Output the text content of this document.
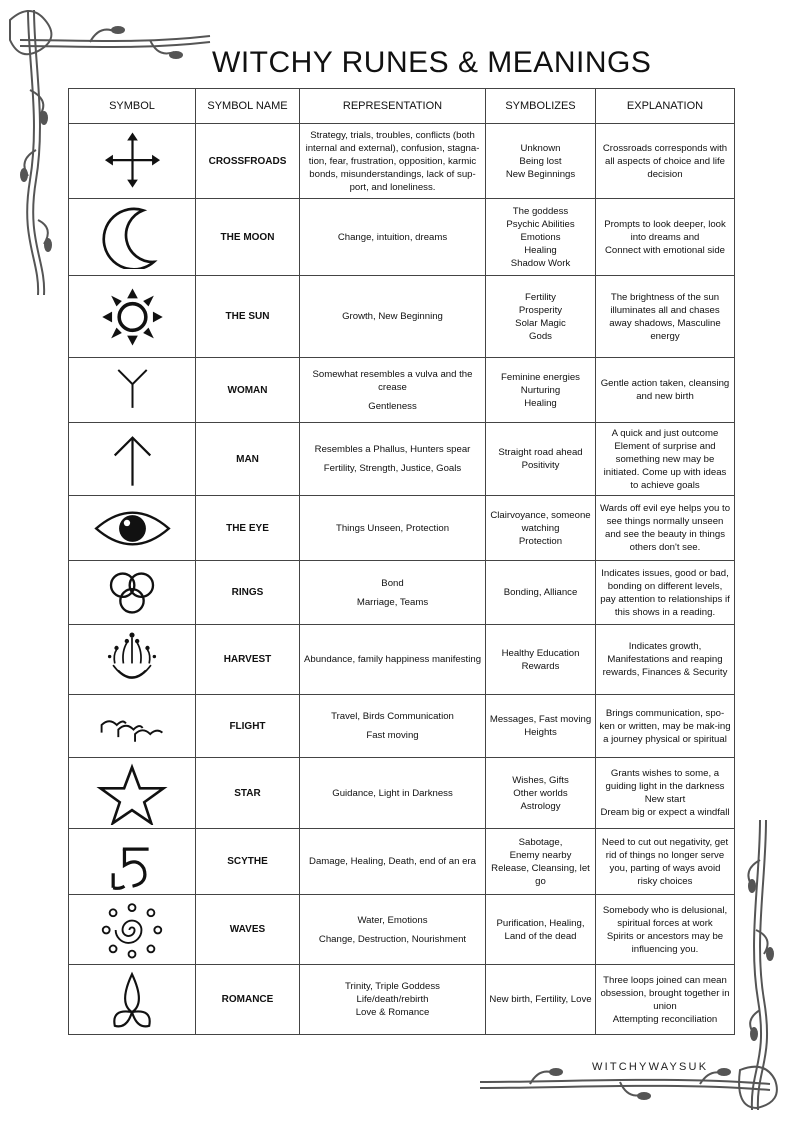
WITCHY RUNES & MEANINGS
SYMBOL	SYMBOL NAME	REPRESENTATION	SYMBOLIZES	EXPLANATION

	CROSSFROADS	Strategy, trials, troubles, conflicts (both internal and external), confusion, stagna-tion, fear, frustration, opposition, karmic bonds, misunderstandings, lack of sup-port, and loneliness.	Unknown
Being lost
New Beginnings	Crossroads corresponds with all aspects of choice and life decision

	THE MOON	Change, intuition, dreams	The goddess
Psychic Abilities
Emotions
Healing
Shadow Work	Prompts to look deeper, look into dreams and
Connect with emotional side

	THE SUN	Growth, New Beginning	Fertility
Prosperity
Solar Magic
Gods	The brightness of the sun illuminates all and chases away shadows, Masculine energy

	WOMAN	Somewhat resembles a vulva and the crease
Gentleness	Feminine energies
Nurturing
Healing	Gentle action taken, cleansing and new birth

	MAN	Resembles a Phallus, Hunters spear
Fertility, Strength, Justice, Goals	Straight road ahead
Positivity	A quick and just outcome
Element of surprise and
something new may be initiated. Come up with ideas to achieve goals

	THE EYE	Things Unseen, Protection	Clairvoyance, someone watching
Protection	Wards off evil eye helps you to see things normally unseen and see the beauty in things others don't see.

	RINGS	Bond
Marriage, Teams	Bonding, Alliance	Indicates issues, good or bad, bonding on different levels, pay attention to relationships if this shows in a reading.

	HARVEST	Abundance, family happiness manifesting	Healthy Education
Rewards	Indicates growth, Manifestations and reaping rewards, Finances & Security

	FLIGHT	Travel, Birds Communication
Fast moving	Messages, Fast moving
Heights	Brings communication, spo-ken or written, may be mak-ing a journey physical or spiritual

	STAR	Guidance, Light in Darkness	Wishes, Gifts
Other worlds
Astrology	Grants wishes to some, a guiding light in the darkness
New start
Dream big or expect a windfall

	SCYTHE	Damage, Healing, Death, end of an era	Sabotage,
Enemy nearby
Release, Cleansing, let go	Need to cut out negativity, get rid of things no longer serve you, parting of ways avoid risky choices

	WAVES	Water, Emotions
Change, Destruction, Nourishment	Purification, Healing, Land of the dead	Somebody who is delusional, spiritual forces at work
Spirits or ancestors may be influencing you.

	ROMANCE	Trinity, Triple Goddess
Life/death/rebirth
Love & Romance	New birth, Fertility, Love	Three loops joined can mean obsession, brought together in union
Attempting reconciliation
WITCHYWAYSUK
